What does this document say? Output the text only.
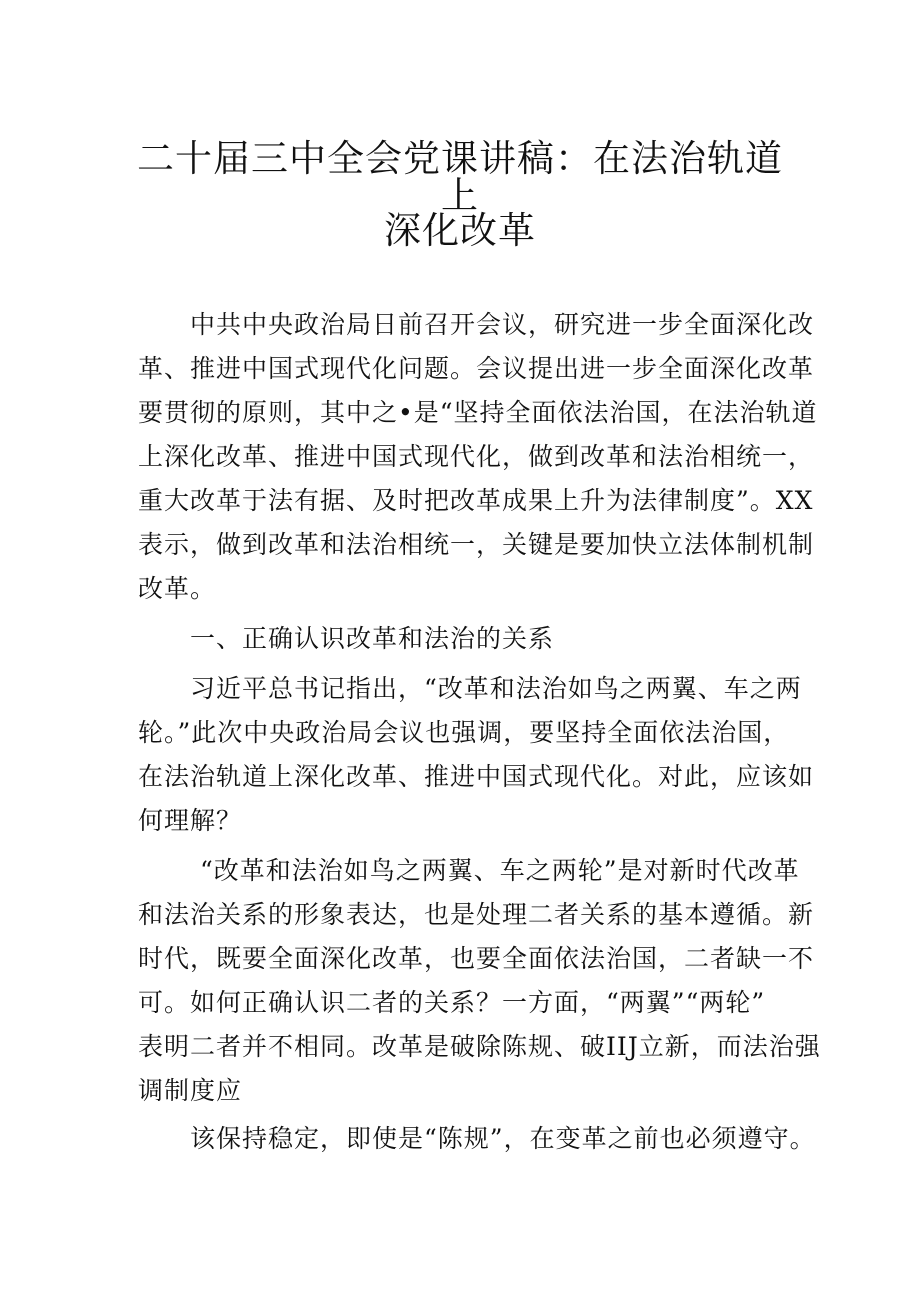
二十届三中全会党课讲稿：在法治轨道上
深化改革
中共中央政治局日前召开会议，研究进一步全面深化改
革、推进中国式现代化问题。会议提出进一步全面深化改革
要贯彻的原则，其中之•是“坚持全面依法治国，在法治轨道
上深化改革、推进中国式现代化，做到改革和法治相统一，
重大改革于法有据、及时把改革成果上升为法律制度”。XX
表示，做到改革和法治相统一，关键是要加快立法体制机制
改革。
一、正确认识改革和法治的关系
习近平总书记指出，“改革和法治如鸟之两翼、车之两
轮。”此次中央政治局会议也强调，要坚持全面依法治国，
在法治轨道上深化改革、推进中国式现代化。对此，应该如
何理解？
“改革和法治如鸟之两翼、车之两轮”是对新时代改革
和法治关系的形象表达，也是处理二者关系的基本遵循。新
时代，既要全面深化改革，也要全面依法治国，二者缺一不
可。如何正确认识二者的关系？一方面，“两翼”“两轮”
表明二者并不相同。改革是破除陈规、破IIJ立新，而法治强
调制度应
该保持稳定，即使是“陈规”，在变革之前也必须遵守。
